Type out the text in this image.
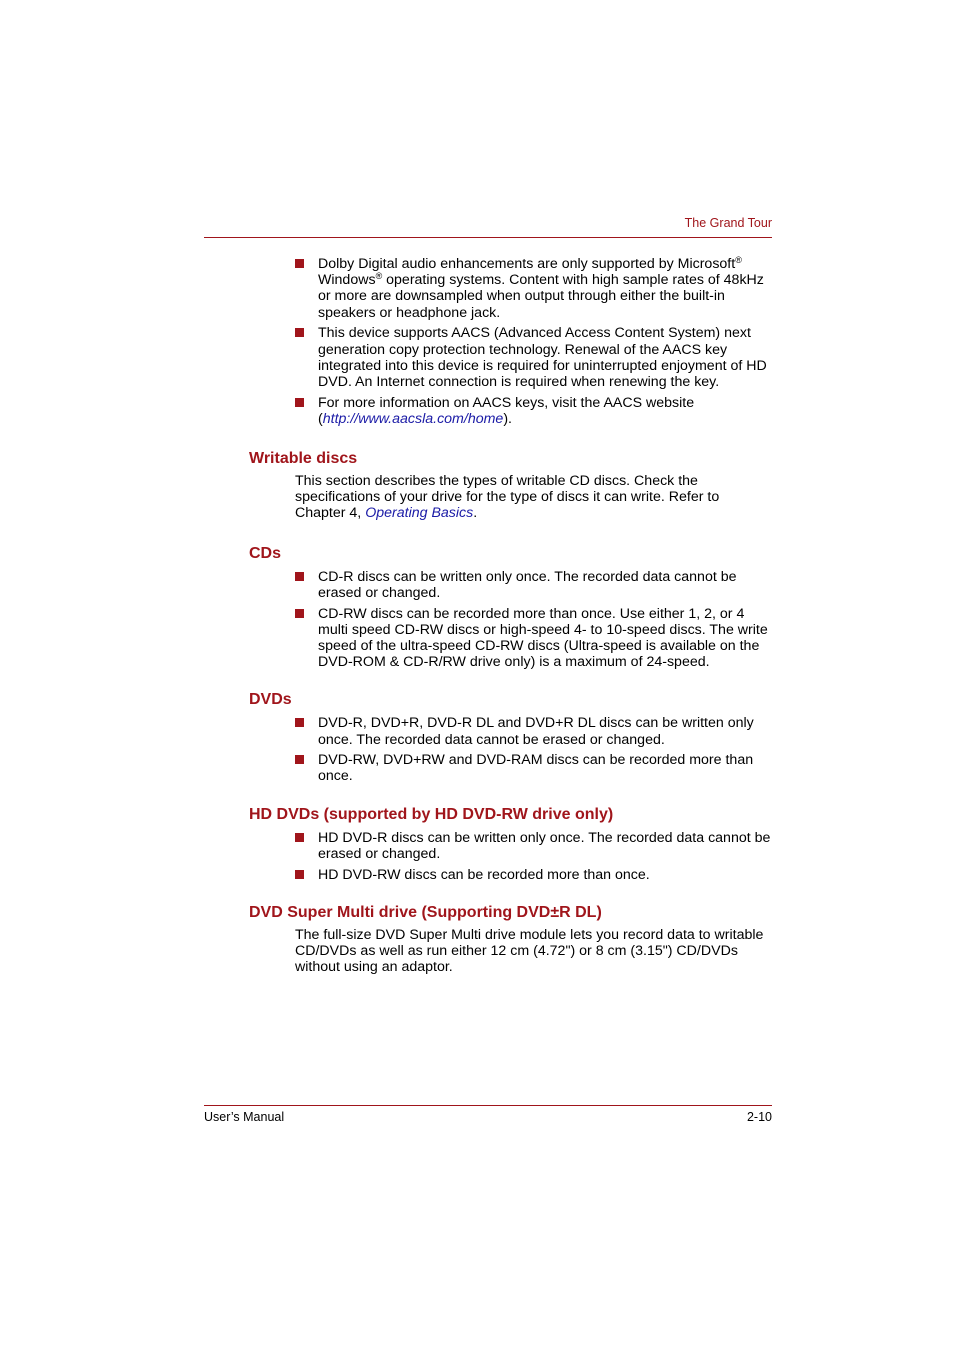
The Grand Tour
Dolby Digital audio enhancements are only supported by Microsoft® Windows® operating systems. Content with high sample rates of 48kHz or more are downsampled when output through either the built-in speakers or headphone jack.
This device supports AACS (Advanced Access Content System) next generation copy protection technology. Renewal of the AACS key integrated into this device is required for uninterrupted enjoyment of HD DVD. An Internet connection is required when renewing the key.
For more information on AACS keys, visit the AACS website (http://www.aacsla.com/home).
Writable discs

This section describes the types of writable CD discs. Check the specifications of your drive for the type of discs it can write. Refer to Chapter 4, Operating Basics.

CDs
CD-R discs can be written only once. The recorded data cannot be erased or changed.
CD-RW discs can be recorded more than once. Use either 1, 2, or 4 multi speed CD-RW discs or high-speed 4- to 10-speed discs. The write speed of the ultra-speed CD-RW discs (Ultra-speed is available on the DVD-ROM & CD-R/RW drive only) is a maximum of 24-speed.
DVDs
DVD-R, DVD+R, DVD-R DL and DVD+R DL discs can be written only once. The recorded data cannot be erased or changed.
DVD-RW, DVD+RW and DVD-RAM discs can be recorded more than once.
HD DVDs (supported by HD DVD-RW drive only)
HD DVD-R discs can be written only once. The recorded data cannot be erased or changed.
HD DVD-RW discs can be recorded more than once.
DVD Super Multi drive (Supporting DVD±R DL)

The full-size DVD Super Multi drive module lets you record data to writable CD/DVDs as well as run either 12 cm (4.72") or 8 cm (3.15") CD/DVDs without using an adaptor.

User’s Manual	2-10
